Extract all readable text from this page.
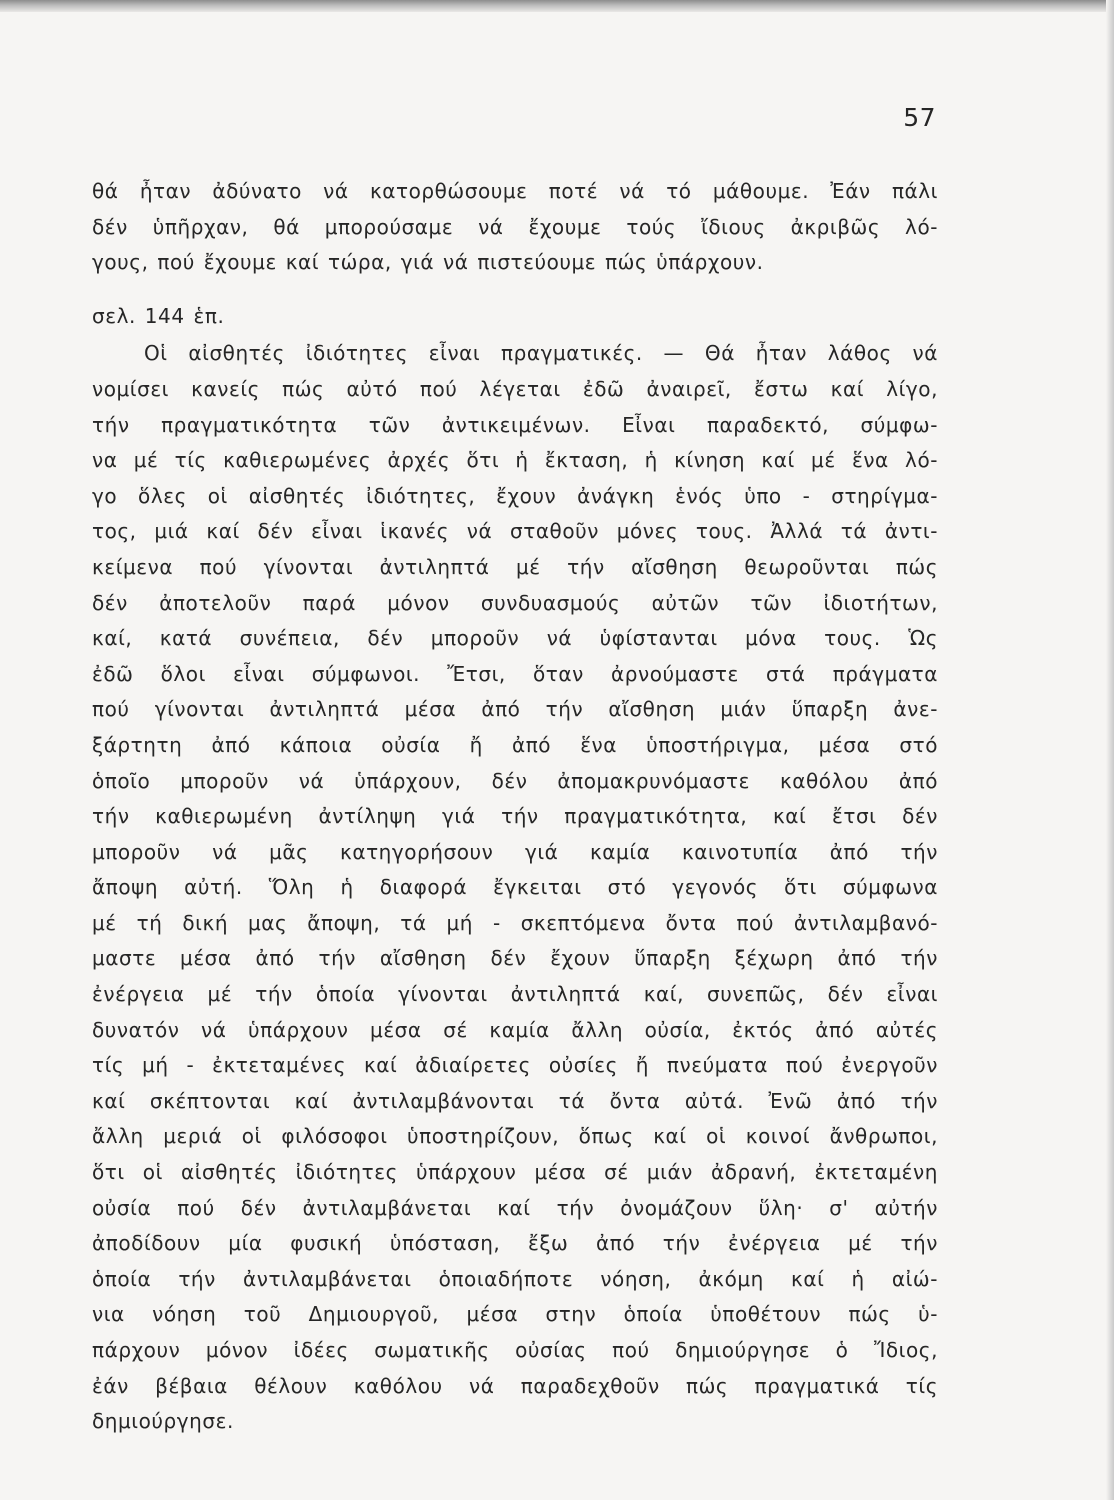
57
θά ἦταν ἀδύνατο νά κατορθώσουμε ποτέ νά τό μάθουμε. Ἐάν πάλι
δέν ὑπῆρχαν, θά μπορούσαμε νά ἔχουμε τούς ἴδιους ἀκριβῶς λό-
γους, πού ἔχουμε καί τώρα, γιά νά πιστεύουμε πώς ὑπάρχουν.
σελ. 144 ἑπ.
Οἱ αἰσθητές ἰδιότητες εἶναι πραγματικές. — Θά ἦταν λάθος νά
νομίσει κανείς πώς αὐτό πού λέγεται ἐδῶ ἀναιρεῖ, ἔστω καί λίγο,
τήν πραγματικότητα τῶν ἀντικειμένων. Εἶναι παραδεκτό, σύμφω-
να μέ τίς καθιερωμένες ἀρχές ὅτι ἡ ἔκταση, ἡ κίνηση καί μέ ἕνα λό-
γο ὅλες οἱ αἰσθητές ἰδιότητες, ἔχουν ἀνάγκη ἑνός ὑπο - στηρίγμα-
τος, μιά καί δέν εἶναι ἱκανές νά σταθοῦν μόνες τους. Ἀλλά τά ἀντι-
κείμενα πού γίνονται ἀντιληπτά μέ τήν αἴσθηση θεωροῦνται πώς
δέν ἀποτελοῦν παρά μόνον συνδυασμούς αὐτῶν τῶν ἰδιοτήτων,
καί, κατά συνέπεια, δέν μποροῦν νά ὑφίστανται μόνα τους. Ὡς
ἐδῶ ὅλοι εἶναι σύμφωνοι. Ἔτσι, ὅταν ἀρνούμαστε στά πράγματα
πού γίνονται ἀντιληπτά μέσα ἀπό τήν αἴσθηση μιάν ὕπαρξη ἀνε-
ξάρτητη ἀπό κάποια οὐσία ἤ ἀπό ἕνα ὑποστήριγμα, μέσα στό
ὁποῖο μποροῦν νά ὑπάρχουν, δέν ἀπομακρυνόμαστε καθόλου ἀπό
τήν καθιερωμένη ἀντίληψη γιά τήν πραγματικότητα, καί ἔτσι δέν
μποροῦν νά μᾶς κατηγορήσουν γιά καμία καινοτυπία ἀπό τήν
ἄποψη αὐτή. Ὅλη ἡ διαφορά ἔγκειται στό γεγονός ὅτι σύμφωνα
μέ τή δική μας ἄποψη, τά μή - σκεπτόμενα ὄντα πού ἀντιλαμβανό-
μαστε μέσα ἀπό τήν αἴσθηση δέν ἔχουν ὕπαρξη ξέχωρη ἀπό τήν
ἐνέργεια μέ τήν ὁποία γίνονται ἀντιληπτά καί, συνεπῶς, δέν εἶναι
δυνατόν νά ὑπάρχουν μέσα σέ καμία ἄλλη οὐσία, ἐκτός ἀπό αὐτές
τίς μή - ἐκτεταμένες καί ἀδιαίρετες οὐσίες ἤ πνεύματα πού ἐνεργοῦν
καί σκέπτονται καί ἀντιλαμβάνονται τά ὄντα αὐτά. Ἐνῶ ἀπό τήν
ἄλλη μεριά οἱ φιλόσοφοι ὑποστηρίζουν, ὅπως καί οἱ κοινοί ἄνθρωποι,
ὅτι οἱ αἰσθητές ἰδιότητες ὑπάρχουν μέσα σέ μιάν ἀδρανή, ἐκτεταμένη
οὐσία πού δέν ἀντιλαμβάνεται καί τήν ὀνομάζουν ὕλη· σ' αὐτήν
ἀποδίδουν μία φυσική ὑπόσταση, ἔξω ἀπό τήν ἐνέργεια μέ τήν
ὁποία τήν ἀντιλαμβάνεται ὁποιαδήποτε νόηση, ἀκόμη καί ἡ αἰώ-
νια νόηση τοῦ Δημιουργοῦ, μέσα στην ὁποία ὑποθέτουν πώς ὑ-
πάρχουν μόνον ἰδέες σωματικῆς οὐσίας πού δημιούργησε ὁ Ἴδιος,
ἐάν βέβαια θέλουν καθόλου νά παραδεχθοῦν πώς πραγματικά τίς
δημιούργησε.
